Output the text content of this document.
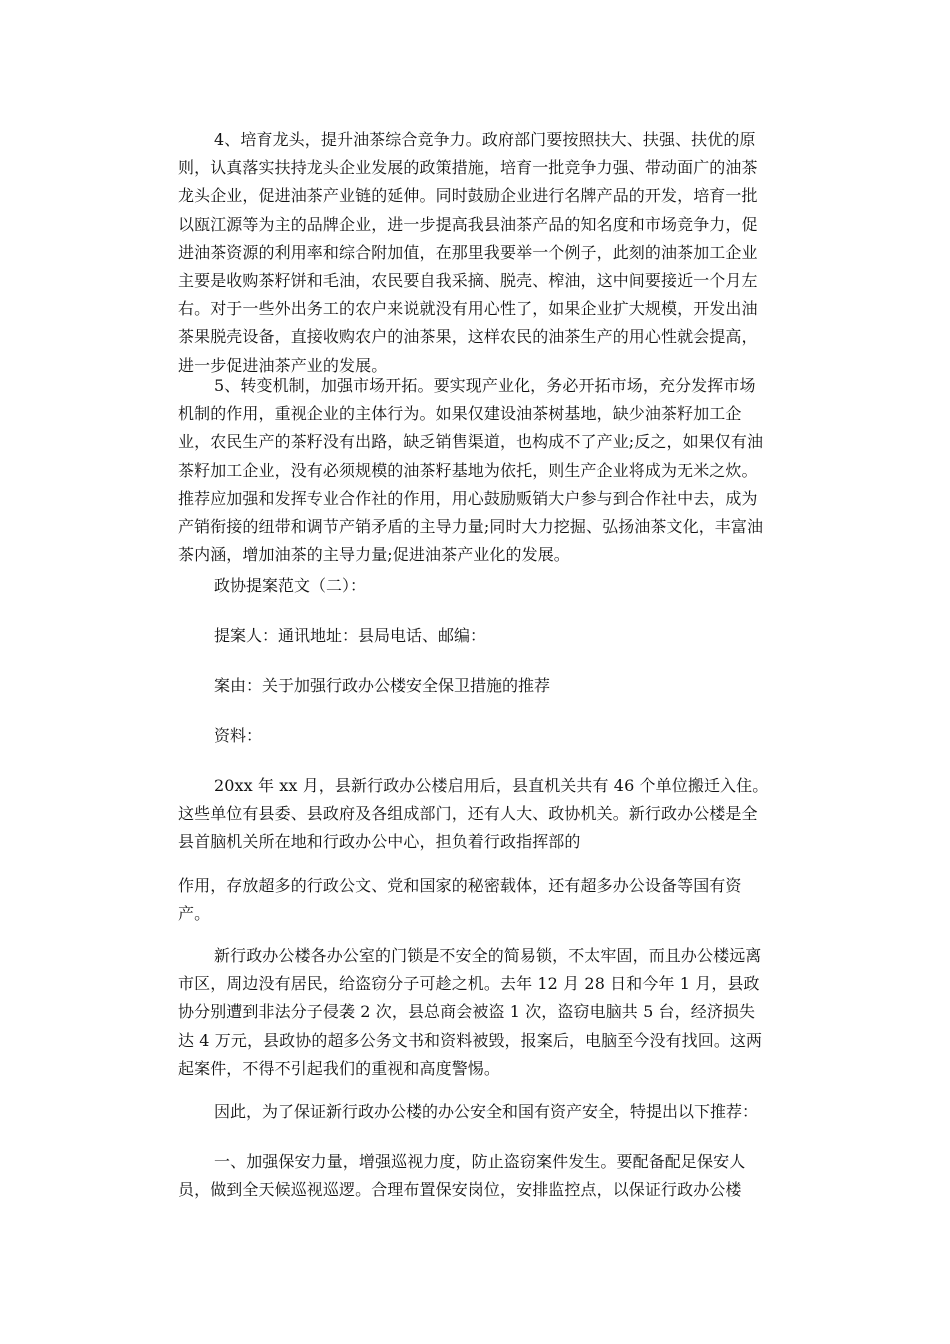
4、培育龙头，提升油茶综合竞争力。政府部门要按照扶大、扶强、扶优的原则，认真落实扶持龙头企业发展的政策措施，培育一批竞争力强、带动面广的油茶龙头企业，促进油茶产业链的延伸。同时鼓励企业进行名牌产品的开发，培育一批以瓯江源等为主的品牌企业，进一步提高我县油茶产品的知名度和市场竞争力，促进油茶资源的利用率和综合附加值，在那里我要举一个例子，此刻的油茶加工企业主要是收购茶籽饼和毛油，农民要自我采摘、脱壳、榨油，这中间要接近一个月左右。对于一些外出务工的农户来说就没有用心性了，如果企业扩大规模，开发出油茶果脱壳设备，直接收购农户的油茶果，这样农民的油茶生产的用心性就会提高，进一步促进油茶产业的发展。

5、转变机制，加强市场开拓。要实现产业化，务必开拓市场，充分发挥市场机制的作用，重视企业的主体行为。如果仅建设油茶树基地，缺少油茶籽加工企业，农民生产的茶籽没有出路，缺乏销售渠道，也构成不了产业;反之，如果仅有油茶籽加工企业，没有必须规模的油茶籽基地为依托，则生产企业将成为无米之炊。推荐应加强和发挥专业合作社的作用，用心鼓励贩销大户参与到合作社中去，成为产销衔接的纽带和调节产销矛盾的主导力量;同时大力挖掘、弘扬油茶文化，丰富油茶内涵，增加油茶的主导力量;促进油茶产业化的发展。

政协提案范文（二）：

提案人：通讯地址：县局电话、邮编：

案由：关于加强行政办公楼安全保卫措施的推荐

资料：

20xx 年 xx 月，县新行政办公楼启用后，县直机关共有 46 个单位搬迁入住。这些单位有县委、县政府及各组成部门，还有人大、政协机关。新行政办公楼是全县首脑机关所在地和行政办公中心，担负着行政指挥部的

作用，存放超多的行政公文、党和国家的秘密载体，还有超多办公设备等国有资产。

新行政办公楼各办公室的门锁是不安全的简易锁，不太牢固，而且办公楼远离市区，周边没有居民，给盗窃分子可趁之机。去年 12 月 28 日和今年 1 月，县政协分别遭到非法分子侵袭 2 次，县总商会被盗 1 次，盗窃电脑共 5 台，经济损失达 4 万元，县政协的超多公务文书和资料被毁，报案后，电脑至今没有找回。这两起案件，不得不引起我们的重视和高度警惕。

因此，为了保证新行政办公楼的办公安全和国有资产安全，特提出以下推荐：

一、加强保安力量，增强巡视力度，防止盗窃案件发生。要配备配足保安人员，做到全天候巡视巡逻。合理布置保安岗位，安排监控点，以保证行政办公楼
